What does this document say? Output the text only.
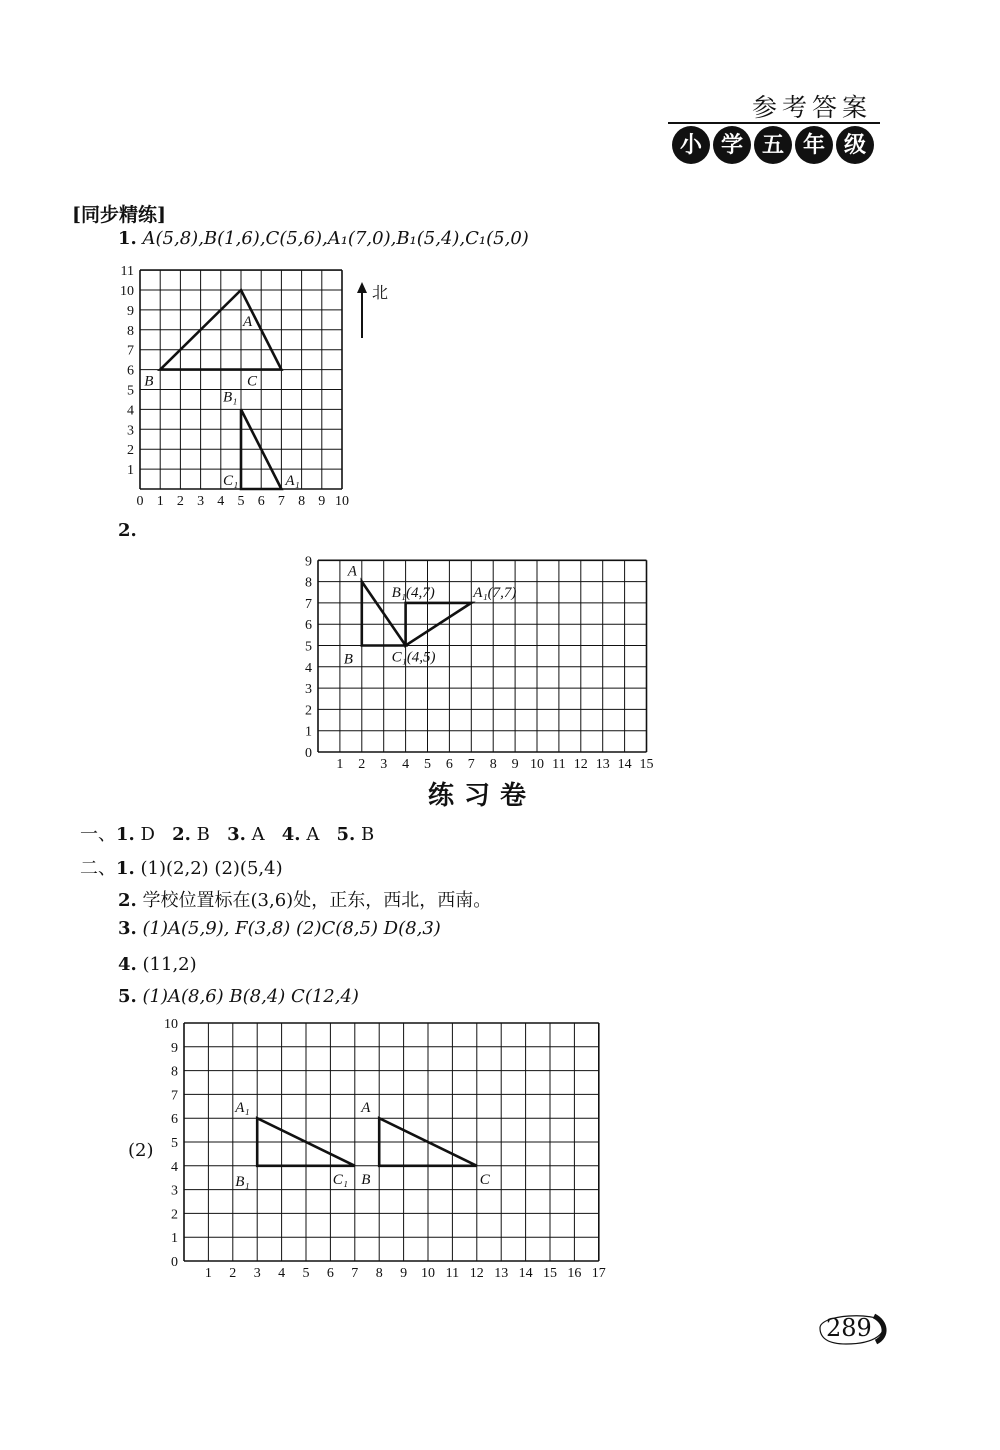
参考答案
小 学 五 年 级
[同步精练]
1. A(5,8),B(1,6),C(5,6),A₁(7,0),B₁(5,4),C₁(5,0)
0 1 2 3 4 5 6 7 8 9 10
1
2
3
4
5
6
7
8
9
10
11
A
B	C
B₁
C₁	A₁
北
2.
1 2 3 4 5 6 7 8 9 10 11 12 13 14 15
0
1
2
3
4
5
6
7
8
9
A
B
B₁(4,7)	A₁(7,7)
C₁(4,5)
练习卷
一、1. D 2. B 3. A 4. A 5. B
二、1. (1)(2,2) (2)(5,4)
2. 学校位置标在(3,6)处，正东，西北，西南。
3. (1)A(5,9), F(3,8) (2)C(8,5) D(8,3)
4. (11,2)
5. (1)A(8,6) B(8,4) C(12,4)
(2)
1 2 3 4 5 6 7 8 9 10 11 12 13 14 15 16 17
0
1
2
3
4
5
6
7
8
9
10
A₁
B₁	C₁
A
B	C
289
